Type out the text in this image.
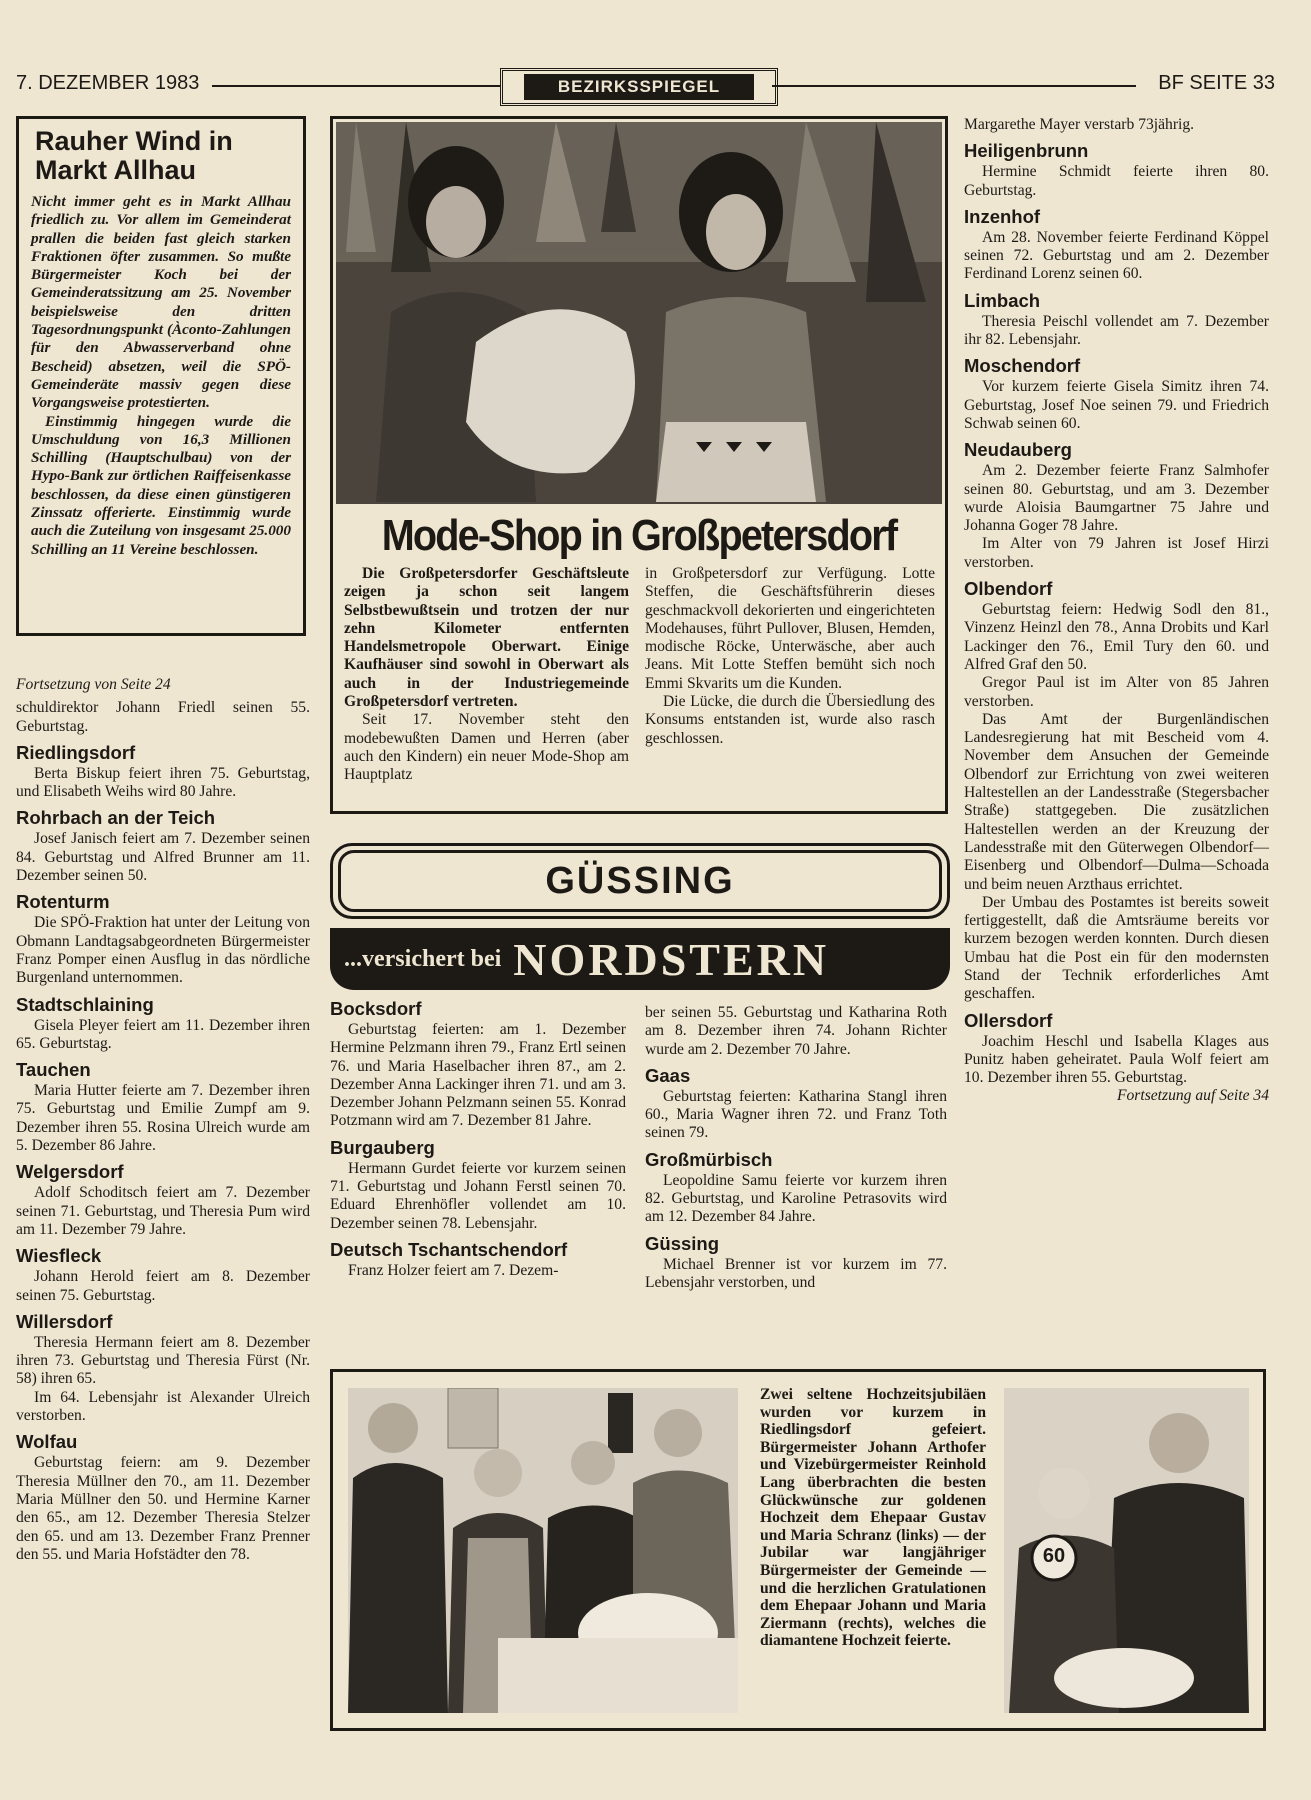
7. DEZEMBER 1983	BEZIRKSSPIEGEL	BF SEITE 33
Rauher Wind in Markt Allhau

Nicht immer geht es in Markt Allhau friedlich zu. Vor allem im Gemeinderat prallen die beiden fast gleich starken Fraktionen öfter zusammen. So mußte Bürgermeister Koch bei der Gemeinderatssitzung am 25. November beispielsweise den dritten Tagesordnungspunkt (Àconto-Zahlungen für den Abwasserverband ohne Bescheid) absetzen, weil die SPÖ-Gemeinderäte massiv gegen diese Vorgangsweise protestierten.

Einstimmig hingegen wurde die Umschuldung von 16,3 Millionen Schilling (Hauptschulbau) von der Hypo-Bank zur örtlichen Raiffeisenkasse beschlossen, da diese einen günstigeren Zinssatz offerierte. Einstimmig wurde auch die Zuteilung von insgesamt 25.000 Schilling an 11 Vereine beschlossen.

Fortsetzung von Seite 24

schuldirektor Johann Friedl seinen 55. Geburtstag.

Riedlingsdorf

Berta Biskup feiert ihren 75. Geburtstag, und Elisabeth Weihs wird 80 Jahre.

Rohrbach an der Teich

Josef Janisch feiert am 7. Dezember seinen 84. Geburtstag und Alfred Brunner am 11. Dezember seinen 50.

Rotenturm

Die SPÖ-Fraktion hat unter der Leitung von Obmann Landtagsabgeordneten Bürgermeister Franz Pomper einen Ausflug in das nördliche Burgenland unternommen.

Stadtschlaining

Gisela Pleyer feiert am 11. Dezember ihren 65. Geburtstag.

Tauchen

Maria Hutter feierte am 7. Dezember ihren 75. Geburtstag und Emilie Zumpf am 9. Dezember ihren 55. Rosina Ulreich wurde am 5. Dezember 86 Jahre.

Welgersdorf

Adolf Schoditsch feiert am 7. Dezember seinen 71. Geburtstag, und Theresia Pum wird am 11. Dezember 79 Jahre.

Wiesfleck

Johann Herold feiert am 8. Dezember seinen 75. Geburtstag.

Willersdorf

Theresia Hermann feiert am 8. Dezember ihren 73. Geburtstag und Theresia Fürst (Nr. 58) ihren 65.

Im 64. Lebensjahr ist Alexander Ulreich verstorben.

Wolfau

Geburtstag feiern: am 9. Dezember Theresia Müllner den 70., am 11. Dezember Maria Müllner den 50. und Hermine Karner den 65., am 12. Dezember Theresia Stelzer den 65. und am 13. Dezember Franz Prenner den 55. und Maria Hofstädter den 78.

Mode-Shop in Großpetersdorf

Die Großpetersdorfer Geschäftsleute zeigen ja schon seit langem Selbstbewußtsein und trotzen der nur zehn Kilometer entfernten Handelsmetropole Oberwart. Einige Kaufhäuser sind sowohl in Oberwart als auch in der Industriegemeinde Großpetersdorf vertreten.

Seit 17. November steht den modebewußten Damen und Herren (aber auch den Kindern) ein neuer Mode-Shop am Hauptplatz

in Großpetersdorf zur Verfügung. Lotte Steffen, die Geschäftsführerin dieses geschmackvoll dekorierten und eingerichteten Modehauses, führt Pullover, Blusen, Hemden, modische Röcke, Unterwäsche, aber auch Jeans. Mit Lotte Steffen bemüht sich noch Emmi Skvarits um die Kunden.

Die Lücke, die durch die Übersiedlung des Konsums entstanden ist, wurde also rasch geschlossen.

GÜSSING
...versichert bei NORDSTERN
Bocksdorf

Geburtstag feierten: am 1. Dezember Hermine Pelzmann ihren 79., Franz Ertl seinen 76. und Maria Haselbacher ihren 87., am 2. Dezember Anna Lackinger ihren 71. und am 3. Dezember Johann Pelzmann seinen 55. Konrad Potzmann wird am 7. Dezember 81 Jahre.

Burgauberg

Hermann Gurdet feierte vor kurzem seinen 71. Geburtstag und Johann Ferstl seinen 70. Eduard Ehrenhöfler vollendet am 10. Dezember seinen 78. Lebensjahr.

Deutsch Tschantschendorf

Franz Holzer feiert am 7. Dezem-

ber seinen 55. Geburtstag und Katharina Roth am 8. Dezember ihren 74. Johann Richter wurde am 2. Dezember 70 Jahre.

Gaas

Geburtstag feierten: Katharina Stangl ihren 60., Maria Wagner ihren 72. und Franz Toth seinen 79.

Großmürbisch

Leopoldine Samu feierte vor kurzem ihren 82. Geburtstag, und Karoline Petrasovits wird am 12. Dezember 84 Jahre.

Güssing

Michael Brenner ist vor kurzem im 77. Lebensjahr verstorben, und

Margarethe Mayer verstarb 73jährig.

Heiligenbrunn

Hermine Schmidt feierte ihren 80. Geburtstag.

Inzenhof

Am 28. November feierte Ferdinand Köppel seinen 72. Geburtstag und am 2. Dezember Ferdinand Lorenz seinen 60.

Limbach

Theresia Peischl vollendet am 7. Dezember ihr 82. Lebensjahr.

Moschendorf

Vor kurzem feierte Gisela Simitz ihren 74. Geburtstag, Josef Noe seinen 79. und Friedrich Schwab seinen 60.

Neudauberg

Am 2. Dezember feierte Franz Salmhofer seinen 80. Geburtstag, und am 3. Dezember wurde Aloisia Baumgartner 75 Jahre und Johanna Goger 78 Jahre.

Im Alter von 79 Jahren ist Josef Hirzi verstorben.

Olbendorf

Geburtstag feiern: Hedwig Sodl den 81., Vinzenz Heinzl den 78., Anna Drobits und Karl Lackinger den 76., Emil Tury den 60. und Alfred Graf den 50.

Gregor Paul ist im Alter von 85 Jahren verstorben.

Das Amt der Burgenländischen Landesregierung hat mit Bescheid vom 4. November dem Ansuchen der Gemeinde Olbendorf zur Errichtung von zwei weiteren Haltestellen an der Landesstraße (Stegersbacher Straße) stattgegeben. Die zusätzlichen Haltestellen werden an der Kreuzung der Landesstraße mit den Güterwegen Olbendorf—Eisenberg und Olbendorf—Dulma—Schoada und beim neuen Arzthaus errichtet.

Der Umbau des Postamtes ist bereits soweit fertiggestellt, daß die Amtsräume bereits vor kurzem bezogen werden konnten. Durch diesen Umbau hat die Post ein für den modernsten Stand der Technik erforderliches Amt geschaffen.

Ollersdorf

Joachim Heschl und Isabella Klages aus Punitz haben geheiratet. Paula Wolf feiert am 10. Dezember ihren 55. Geburtstag.

Fortsetzung auf Seite 34

Zwei seltene Hochzeitsjubiläen wurden vor kurzem in Riedlingsdorf gefeiert. Bürgermeister Johann Arthofer und Vizebürgermeister Reinhold Lang überbrachten die besten Glückwünsche zur goldenen Hochzeit dem Ehepaar Gustav und Maria Schranz (links) — der Jubilar war langjähriger Bürgermeister der Gemeinde — und die herzlichen Gratulationen dem Ehepaar Johann und Maria Ziermann (rechts), welches die diamantene Hochzeit feierte.
60
